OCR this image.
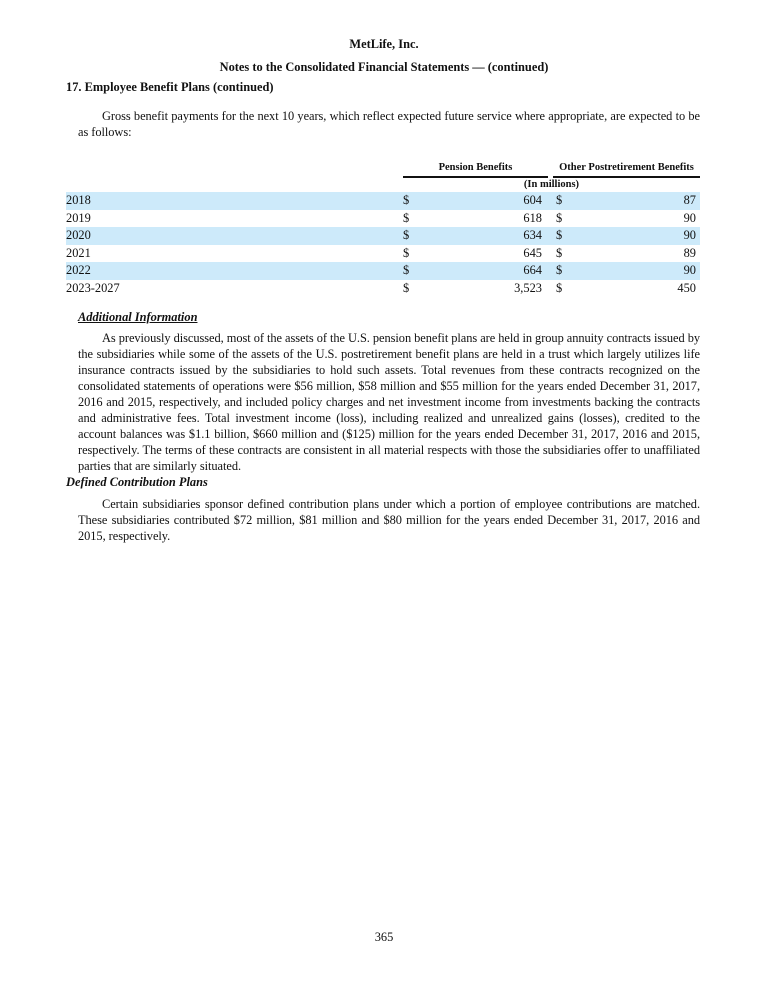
MetLife, Inc.
Notes to the Consolidated Financial Statements — (continued)
17. Employee Benefit Plans (continued)
Gross benefit payments for the next 10 years, which reflect expected future service where appropriate, are expected to be as follows:
Pension Benefits	Other Postretirement Benefits
(In millions)
2018	$	604 $	87
2019	$	618 $	90
2020	$	634 $	90
2021	$	645 $	89
2022	$	664 $	90
2023-2027	$	3,523 $	450
Additional Information
As previously discussed, most of the assets of the U.S. pension benefit plans are held in group annuity contracts issued by the subsidiaries while some of the assets of the U.S. postretirement benefit plans are held in a trust which largely utilizes life insurance contracts issued by the subsidiaries to hold such assets. Total revenues from these contracts recognized on the consolidated statements of operations were $56 million, $58 million and $55 million for the years ended December 31, 2017, 2016 and 2015, respectively, and included policy charges and net investment income from investments backing the contracts and administrative fees. Total investment income (loss), including realized and unrealized gains (losses), credited to the account balances was $1.1 billion, $660 million and ($125) million for the years ended December 31, 2017, 2016 and 2015, respectively. The terms of these contracts are consistent in all material respects with those the subsidiaries offer to unaffiliated parties that are similarly situated.
Defined Contribution Plans
Certain subsidiaries sponsor defined contribution plans under which a portion of employee contributions are matched. These subsidiaries contributed $72 million, $81 million and $80 million for the years ended December 31, 2017, 2016 and 2015, respectively.
365
